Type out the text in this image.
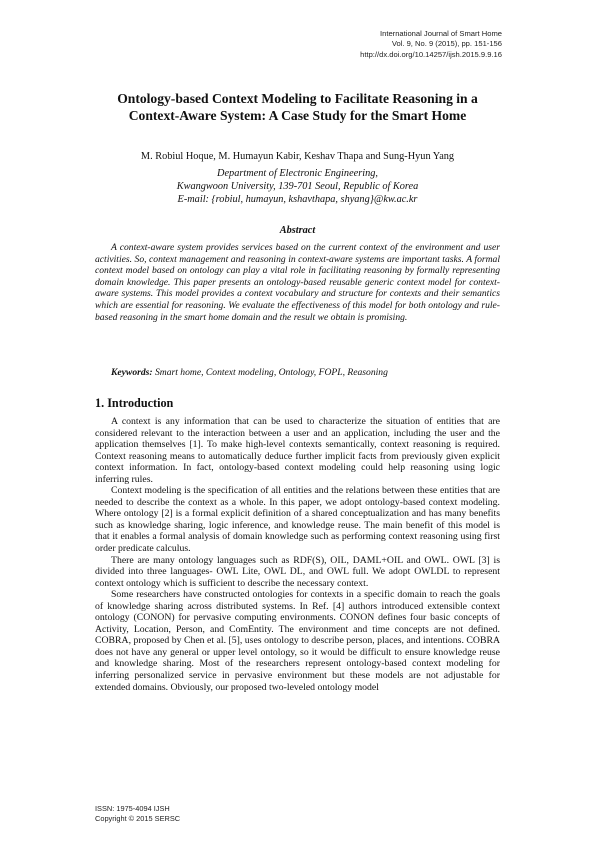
International Journal of Smart Home
Vol. 9, No. 9 (2015), pp. 151-156
http://dx.doi.org/10.14257/ijsh.2015.9.9.16
Ontology-based Context Modeling to Facilitate Reasoning in a
Context-Aware System: A Case Study for the Smart Home
M. Robiul Hoque, M. Humayun Kabir, Keshav Thapa and Sung-Hyun Yang
Department of Electronic Engineering,
Kwangwoon University, 139-701 Seoul, Republic of Korea
E-mail: {robiul, humayun, kshavthapa, shyang}@kw.ac.kr
Abstract

A context-aware system provides services based on the current context of the environment and user activities. So, context management and reasoning in context-aware systems are important tasks. A formal context model based on ontology can play a vital role in facilitating reasoning by formally representing domain knowledge. This paper presents an ontology-based reusable generic context model for context-aware systems. This model provides a context vocabulary and structure for contexts and their semantics which are essential for reasoning. We evaluate the effectiveness of this model for both ontology and rule-based reasoning in the smart home domain and the result we obtain is promising.

Keywords: Smart home, Context modeling, Ontology, FOPL, Reasoning
1. Introduction

A context is any information that can be used to characterize the situation of entities that are considered relevant to the interaction between a user and an application, including the user and the application themselves [1]. To make high-level contexts semantically, context reasoning is required. Context reasoning means to automatically deduce further implicit facts from previously given explicit context information. In fact, ontology-based context modeling could help reasoning using logic inferring rules.

Context modeling is the specification of all entities and the relations between these entities that are needed to describe the context as a whole. In this paper, we adopt ontology-based context modeling. Where ontology [2] is a formal explicit definition of a shared conceptualization and has many benefits such as knowledge sharing, logic inference, and knowledge reuse. The main benefit of this model is that it enables a formal analysis of domain knowledge such as performing context reasoning using first order predicate calculus.

There are many ontology languages such as RDF(S), OIL, DAML+OIL and OWL. OWL [3] is divided into three languages- OWL Lite, OWL DL, and OWL full. We adopt OWLDL to represent context ontology which is sufficient to describe the necessary context.

Some researchers have constructed ontologies for contexts in a specific domain to reach the goals of knowledge sharing across distributed systems. In Ref. [4] authors introduced extensible context ontology (CONON) for pervasive computing environments. CONON defines four basic concepts of Activity, Location, Person, and ComEntity. The environment and time concepts are not defined. COBRA, proposed by Chen et al. [5], uses ontology to describe person, places, and intentions. COBRA does not have any general or upper level ontology, so it would be difficult to ensure knowledge reuse and knowledge sharing. Most of the researchers represent ontology-based context modeling for inferring personalized service in pervasive environment but these models are not adjustable for extended domains. Obviously, our proposed two-leveled ontology model

ISSN: 1975-4094 IJSH
Copyright © 2015 SERSC
